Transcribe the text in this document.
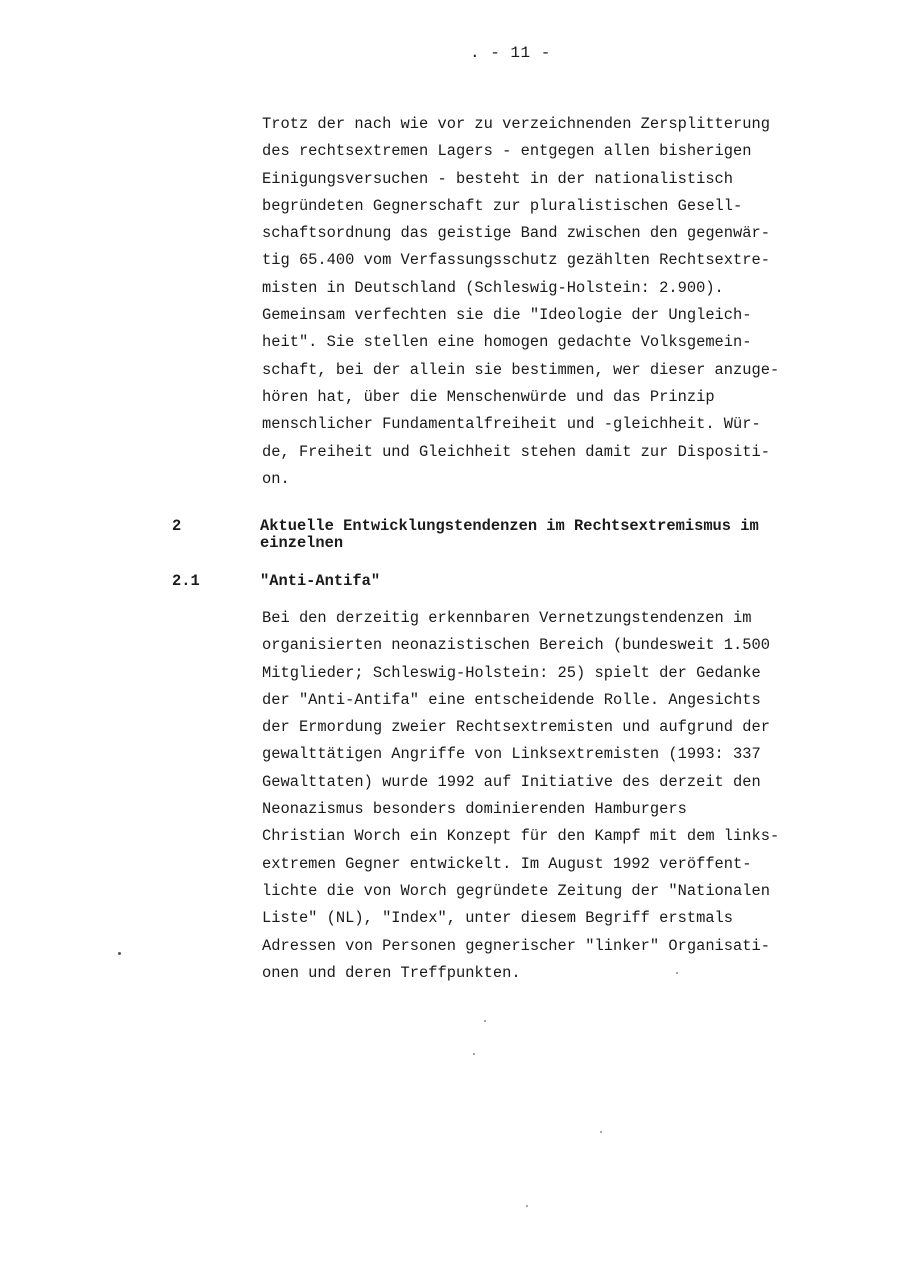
. - 11 -
Trotz der nach wie vor zu verzeichnenden Zersplitterung
des rechtsextremen Lagers - entgegen allen bisherigen
Einigungsversuchen - besteht in der nationalistisch
begründeten Gegnerschaft zur pluralistischen Gesell-
schaftsordnung das geistige Band zwischen den gegenwär-
tig 65.400 vom Verfassungsschutz gezählten Rechtsextre-
misten in Deutschland (Schleswig-Holstein: 2.900).
Gemeinsam verfechten sie die "Ideologie der Ungleich-
heit". Sie stellen eine homogen gedachte Volksgemein-
schaft, bei der allein sie bestimmen, wer dieser anzuge-
hören hat, über die Menschenwürde und das Prinzip
menschlicher Fundamentalfreiheit und -gleichheit. Wür-
de, Freiheit und Gleichheit stehen damit zur Dispositi-
on.
2	Aktuelle Entwicklungstendenzen im Rechtsextremismus im
einzelnen
2.1	"Anti-Antifa"
Bei den derzeitig erkennbaren Vernetzungstendenzen im
organisierten neonazistischen Bereich (bundesweit 1.500
Mitglieder; Schleswig-Holstein: 25) spielt der Gedanke
der "Anti-Antifa" eine entscheidende Rolle. Angesichts
der Ermordung zweier Rechtsextremisten und aufgrund der
gewalttätigen Angriffe von Linksextremisten (1993: 337
Gewalttaten) wurde 1992 auf Initiative des derzeit den
Neonazismus besonders dominierenden Hamburgers
Christian Worch ein Konzept für den Kampf mit dem links-
extremen Gegner entwickelt. Im August 1992 veröffent-
lichte die von Worch gegründete Zeitung der "Nationalen
Liste" (NL), "Index", unter diesem Begriff erstmals
Adressen von Personen gegnerischer "linker" Organisati-
onen und deren Treffpunkten.
